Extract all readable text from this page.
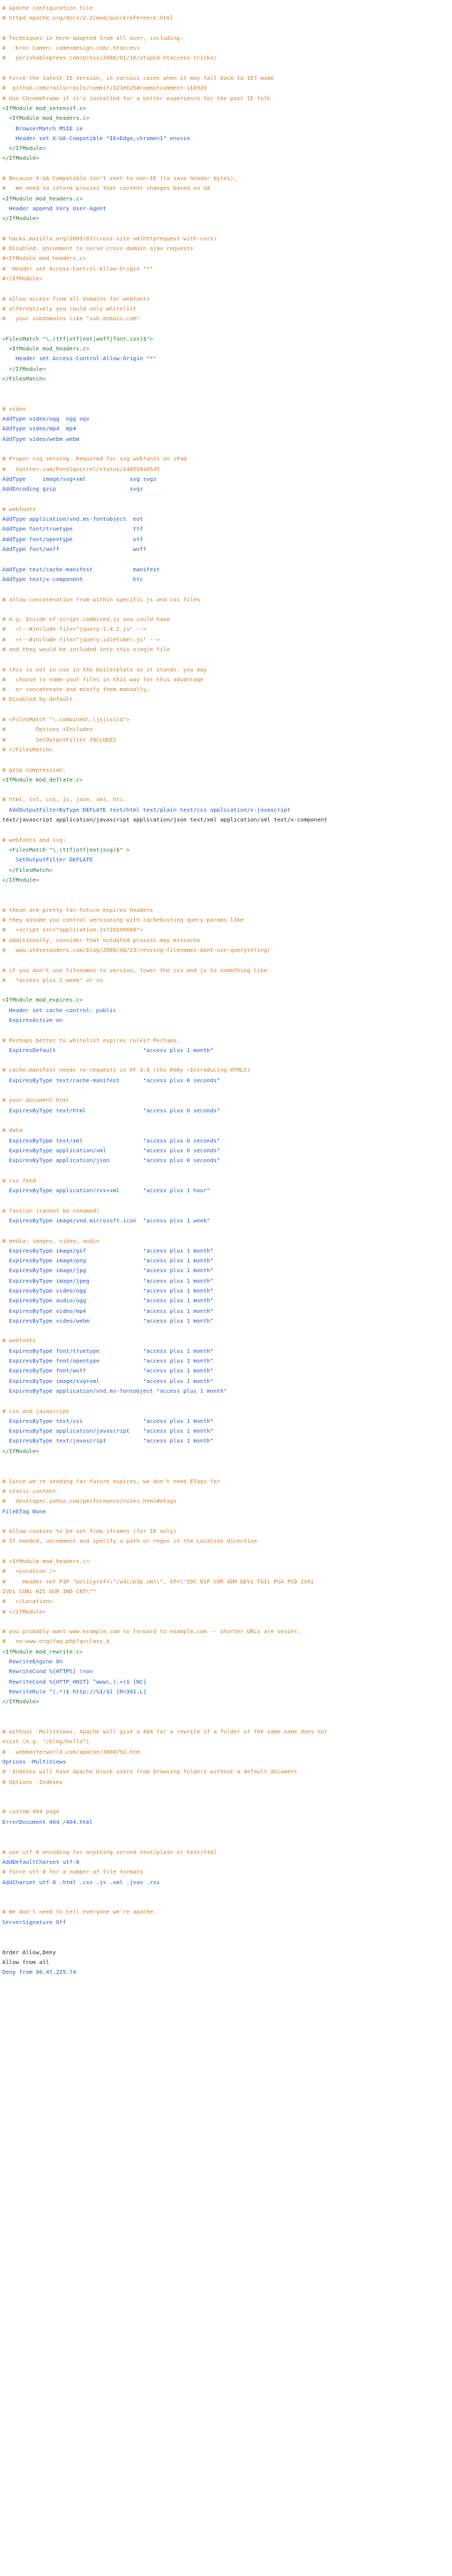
# Apache configuration file
# httpd.apache.org/docs/2.2/mod/quickreference.html
# Techniques in here adapted from all over, including:
#   Kroc Camen: camendesign.com/.htaccess
#   perishablepress.com/press/2006/01/10/stupid-htaccess-tricks/
# Force the latest IE version, in various cases when it may fall back to IE7 mode
#  github.com/rails/rails/commit/123eb25#commitcomment-118920
# Use ChromeFrame if it's installed for a better experience for the poor IE folk
<IfModule mod_setenvif.c>
<IfModule mod_headers.c>
BrowserMatch MSIE ie
Header set X-UA-Compatible "IE=Edge,chrome=1" env=ie
</IfModule>
</IfModule>
# Because X-UA-Compatible isn't sent to non-IE (to save header bytes),
#   We need to inform proxies that content changes based on UA
<IfModule mod_headers.c>
Header append Vary User-Agent
</IfModule>
# hacks.mozilla.org/2009/07/cross-site-xmlhttprequest-with-cors/
# Disabled. Uncomment to serve cross-domain ajax requests
#<IfModule mod_headers.c>
#  Header set Access-Control-Allow-Origin "*"
#</IfModule>
# allow access from all domains for webfonts
# alternatively you could only whitelist
#   your subdomains like "sub.domain.com"
<FilesMatch "\.(ttf|otf|eot|woff|font.css)$">
<IfModule mod_headers.c>
Header set Access-Control-Allow-Origin "*"
</IfModule>
</FilesMatch>
# video
AddType video/ogg  ogg ogv
AddType video/mp4  mp4
AddType video/webm webm
# Proper svg serving. Required for svg webfonts on iPad
#   twitter.com/FontSquirrel/status/14855840545
AddType     image/svg+xml             svg svgz
AddEncoding gzip                      svgz
# webfonts
AddType application/vnd.ms-fontobject  eot
AddType font/truetype                  ttf
AddType font/opentype                  otf
AddType font/woff                      woff
AddType text/cache-manifest            manifest
AddType text/x-component               htc
# allow concatenation from within specific js and css files
# e.g. Inside of script.combined.js you could have
#   <!--#include file="jquery-1.4.2.js" -->
#   <!--#include file="jquery.idletimer.js" -->
# and they would be included into this single file
# this is not in use in the boilerplate as it stands. you may
#   choose to name your files in this way for this advantage
#   or concatenate and minify them manually.
# Disabled by default.
# <FilesMatch "\.combined\.(js|css)$">
#         Options +Includes
#         SetOutputFilter INCLUDES
# </FilesMatch>
# gzip compression.
<IfModule mod_deflate.c>
# html, txt, css, js, json, xml, htc:
AddOutputFilterByType DEFLATE text/html text/plain text/css application/x-javascript
text/javascript application/javascript application/json text/xml application/xml text/x-component
# webfonts and svg:
<FilesMatch "\.(ttf|otf|eot|svg)$" >
SetOutputFilter DEFLATE
</FilesMatch>
</IfModule>
# these are pretty far-future expires headers
# they assume you control versioning with cachebusting query params like
#   <script src="application.js?20100608">
# additionally, consider that outdated proxies may miscache
#   www.stevesouders.com/blog/2008/08/23/revving-filenames-dont-use-querystring/
# if you don't use filenames to version, lower the css and js to something like
#   "access plus 1 week" or so
<IfModule mod_expires.c>
Header set cache-control: public
ExpiresActive on
# Perhaps better to whitelist expires rules? Perhaps.
ExpiresDefault                          "access plus 1 month"
# cache.manifest needs re-requests in FF 3.6 (thx Remy ~Introducing HTML5)
ExpiresByType text/cache-manifest       "access plus 0 seconds"
# your document html
ExpiresByType text/html                 "access plus 0 seconds"
# data
ExpiresByType text/xml                  "access plus 0 seconds"
ExpiresByType application/xml           "access plus 0 seconds"
ExpiresByType application/json          "access plus 0 seconds"
# rss feed
ExpiresByType application/rss+xml       "access plus 1 hour"
# favicon (cannot be renamed)
ExpiresByType image/vnd.microsoft.icon  "access plus 1 week"
# media: images, video, audio
ExpiresByType image/gif                 "access plus 1 month"
ExpiresByType image/png                 "access plus 1 month"
ExpiresByType image/jpg                 "access plus 1 month"
ExpiresByType image/jpeg                "access plus 1 month"
ExpiresByType video/ogg                 "access plus 1 month"
ExpiresByType audio/ogg                 "access plus 1 month"
ExpiresByType video/mp4                 "access plus 1 month"
ExpiresByType video/webm                "access plus 1 month"
# webfonts
ExpiresByType font/truetype             "access plus 1 month"
ExpiresByType font/opentype             "access plus 1 month"
ExpiresByType font/woff                 "access plus 1 month"
ExpiresByType image/svg+xml             "access plus 1 month"
ExpiresByType application/vnd.ms-fontobject "access plus 1 month"
# css and javascript
ExpiresByType text/css                  "access plus 1 month"
ExpiresByType application/javascript    "access plus 1 month"
ExpiresByType text/javascript           "access plus 1 month"
</IfModule>
# Since we're sending far-future expires, we don't need ETags for
# static content.
#   developer.yahoo.com/performance/rules.html#etags
FileETag None
# Allow cookies to be set from iframes (for IE only)
# If needed, uncomment and specify a path or regex in the Location directive
# <IfModule mod_headers.c>
#   <Location />
#     Header set P3P "policyref=\"/w3c/p3p.xml\", CP=\"IDC DSP COR ADM DEVi TAIi PSA PSD IVAi
IVDi CONi HIS OUR IND CNT\""
#   </Location>
# </IfModule>
# you probably want www.example.com to forward to example.com -- shorter URLs are sexier.
#   no-www.org/faq.php?q=class_b
<IfModule mod_rewrite.c>
RewriteEngine On
RewriteCond %{HTTPS} !=on
RewriteCond %{HTTP_HOST} ^www\.(.+)$ [NC]
RewriteRule ^(.*)$ http://%1/$1 [R=301,L]
</IfModule>
# without -MultiViews, Apache will give a 404 for a rewrite if a folder of the same name does not
exist (e.g. "/blog/hello")
#   webmasterworld.com/apache/3808792.htm
Options -MultiViews
# -Indexes will have Apache block users from browsing folders without a default document
# Options -Indexes
# custom 404 page
ErrorDocument 404 /404.html
# use utf-8 encoding for anything served text/plain or text/html
AddDefaultCharset utf-8
# force utf-8 for a number of file formats
AddCharset utf-8 .html .css .js .xml .json .rss
# We don't need to tell everyone we're apache.
ServerSignature Off
Order Allow,Deny
Allow from all
Deny from 96.47.225.74
